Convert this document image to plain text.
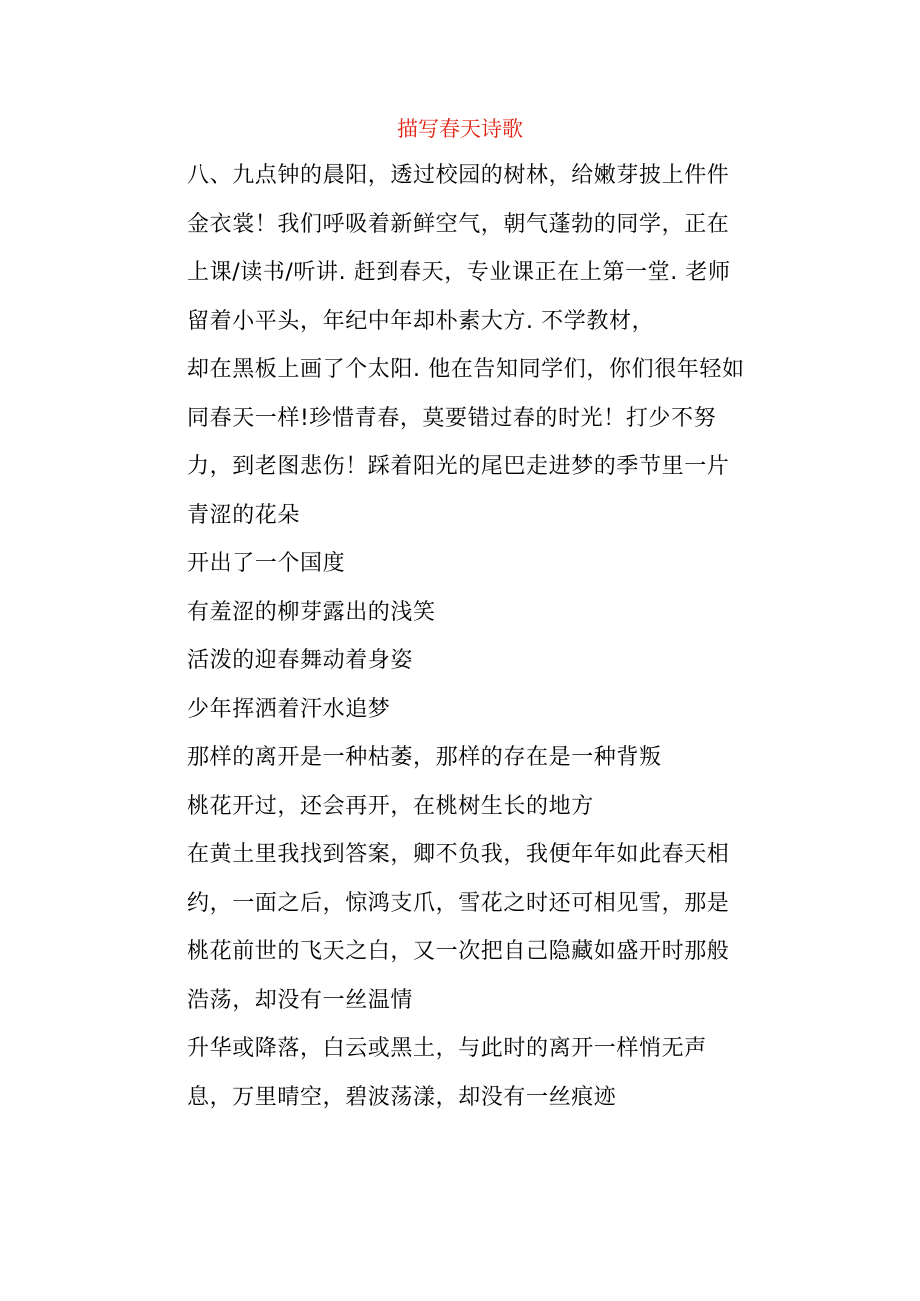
描写春天诗歌
八、九点钟的晨阳，透过校园的树林，给嫩芽披上件件
金衣裳！我们呼吸着新鲜空气，朝气蓬勃的同学，正在
上课/读书/听讲. 赶到春天，专业课正在上第一堂. 老师
留着小平头，年纪中年却朴素大方. 不学教材，
却在黑板上画了个太阳. 他在告知同学们，你们很年轻如
同春天一样!珍惜青春，莫要错过春的时光！打少不努
力，到老图悲伤！踩着阳光的尾巴走进梦的季节里一片
青涩的花朵
开出了一个国度
有羞涩的柳芽露出的浅笑
活泼的迎春舞动着身姿
少年挥洒着汗水追梦
那样的离开是一种枯萎，那样的存在是一种背叛
桃花开过，还会再开，在桃树生长的地方
在黄土里我找到答案，卿不负我，我便年年如此春天相
约，一面之后，惊鸿支爪，雪花之时还可相见雪，那是
桃花前世的飞天之白，又一次把自己隐藏如盛开时那般
浩荡，却没有一丝温情
升华或降落，白云或黑土，与此时的离开一样悄无声
息，万里晴空，碧波荡漾，却没有一丝痕迹
